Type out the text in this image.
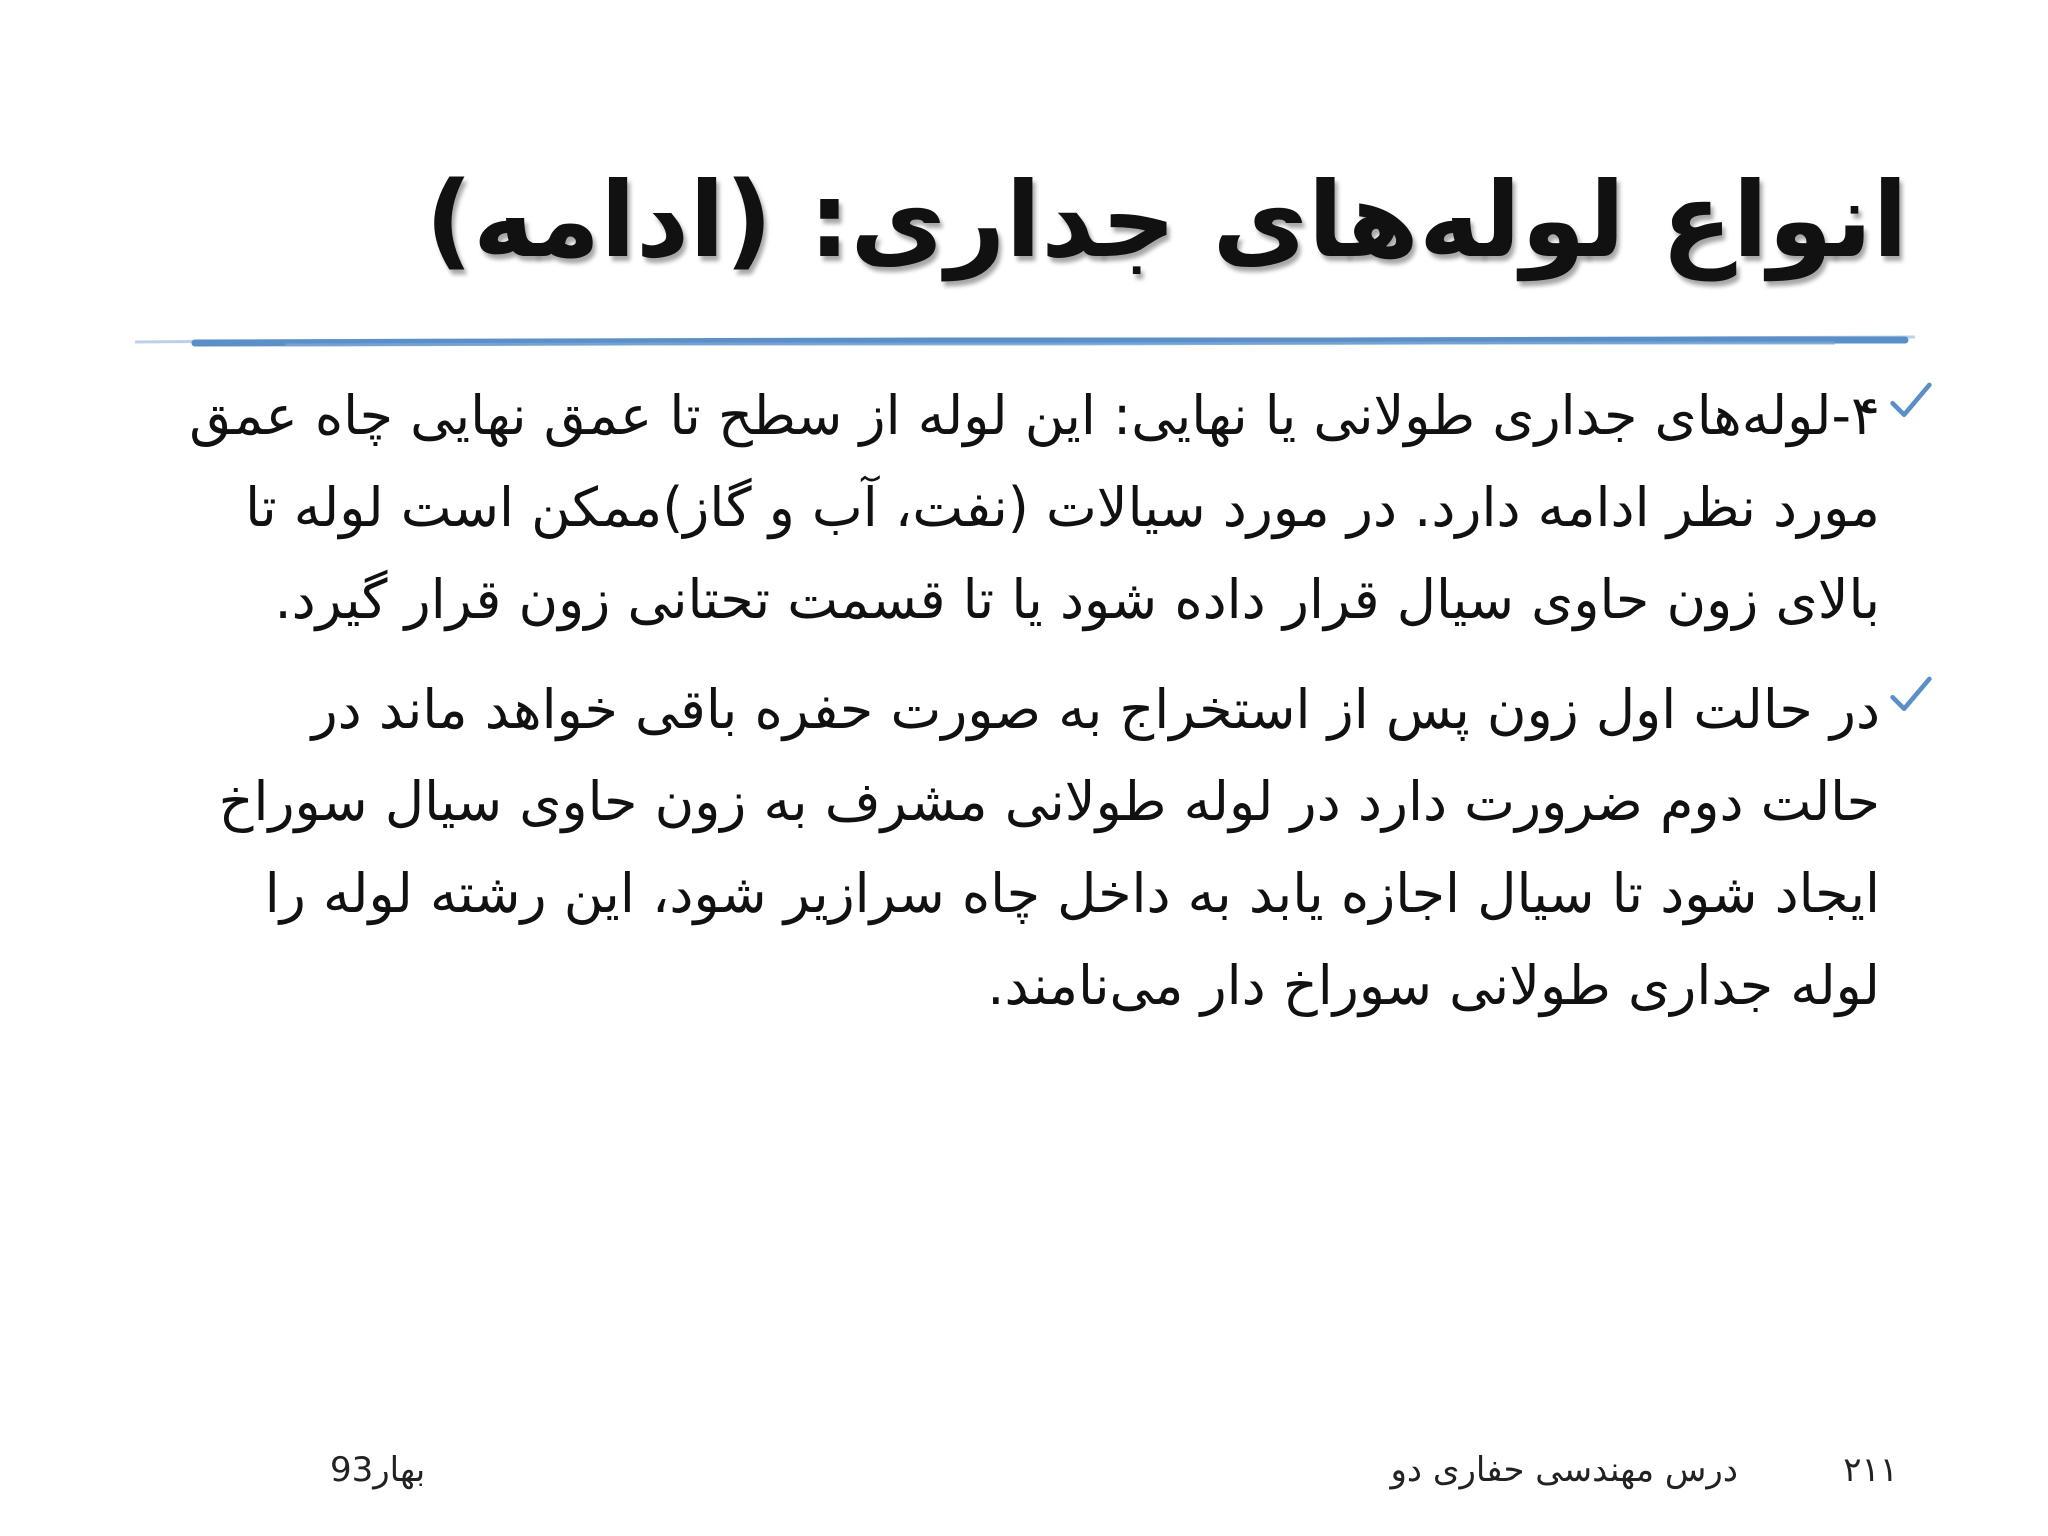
انواع لوله‌های جداری: (ادامه)
۴-لوله‌های جداری طولانی یا نهایی: این لوله از سطح تا عمق نهایی چاه عمق مورد نظر ادامه دارد. در مورد سیالات (نفت، آب و گاز)ممکن است لوله تا بالای زون حاوی سیال قرار داده شود یا تا قسمت تحتانی زون قرار گیرد.
در حالت اول زون پس از استخراج به صورت حفره باقی خواهد ماند در حالت دوم ضرورت دارد در لوله طولانی مشرف به زون حاوی سیال سوراخ ایجاد شود تا سیال اجازه یابد به داخل چاه سرازیر شود، این رشته لوله را لوله جداری طولانی سوراخ دار می‌نامند.
۲۱۱
درس مهندسی حفاری دو
بهار93
